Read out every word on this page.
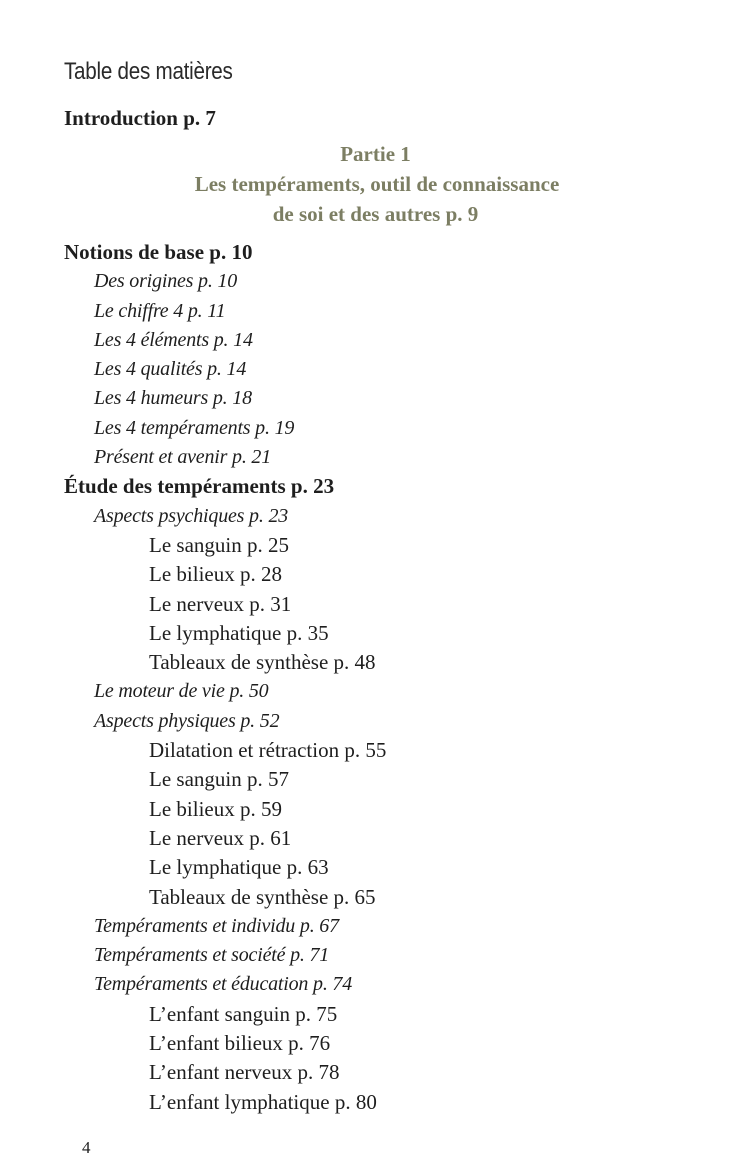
Table des matières

Introduction p. 7

Partie 1
Les tempéraments, outil de connaissance
de soi et des autres p. 9
Notions de base p. 10
Des origines p. 10
Le chiffre 4 p. 11
Les 4 éléments p. 14
Les 4 qualités p. 14
Les 4 humeurs p. 18
Les 4 tempéraments p. 19
Présent et avenir p. 21
Étude des tempéraments p. 23
Aspects psychiques p. 23
Le sanguin p. 25
Le bilieux p. 28
Le nerveux p. 31
Le lymphatique p. 35
Tableaux de synthèse p. 48
Le moteur de vie p. 50
Aspects physiques p. 52
Dilatation et rétraction p. 55
Le sanguin p. 57
Le bilieux p. 59
Le nerveux p. 61
Le lymphatique p. 63
Tableaux de synthèse p. 65
Tempéraments et individu p. 67
Tempéraments et société p. 71
Tempéraments et éducation p. 74
L’enfant sanguin p. 75
L’enfant bilieux p. 76
L’enfant nerveux p. 78
L’enfant lymphatique p. 80

4
